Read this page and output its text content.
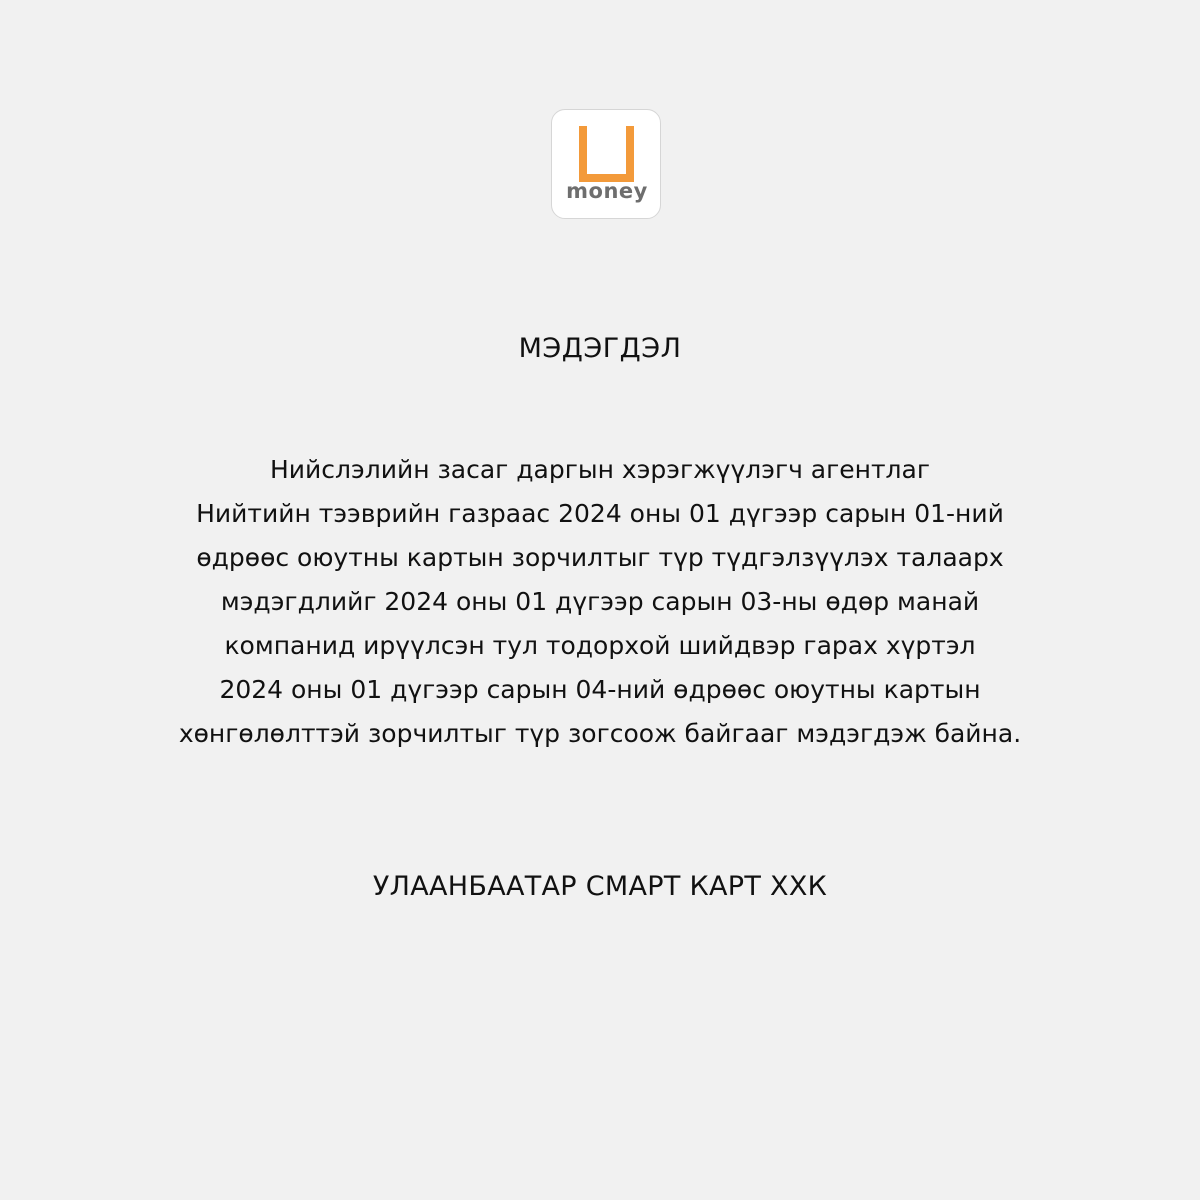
money
МЭДЭГДЭЛ
Нийслэлийн засаг даргын хэрэгжүүлэгч агентлаг
Нийтийн тээврийн газраас 2024 оны 01 дүгээр сарын 01-ний
өдрөөс оюутны картын зорчилтыг түр түдгэлзүүлэх талаарх
мэдэгдлийг 2024 оны 01 дүгээр сарын 03-ны өдөр манай
компанид ирүүлсэн тул тодорхой шийдвэр гарах хүртэл
2024 оны 01 дүгээр сарын 04-ний өдрөөс оюутны картын
хөнгөлөлттэй зорчилтыг түр зогсоож байгааг мэдэгдэж байна.

УЛААНБААТАР СМАРТ КАРТ ХХК
